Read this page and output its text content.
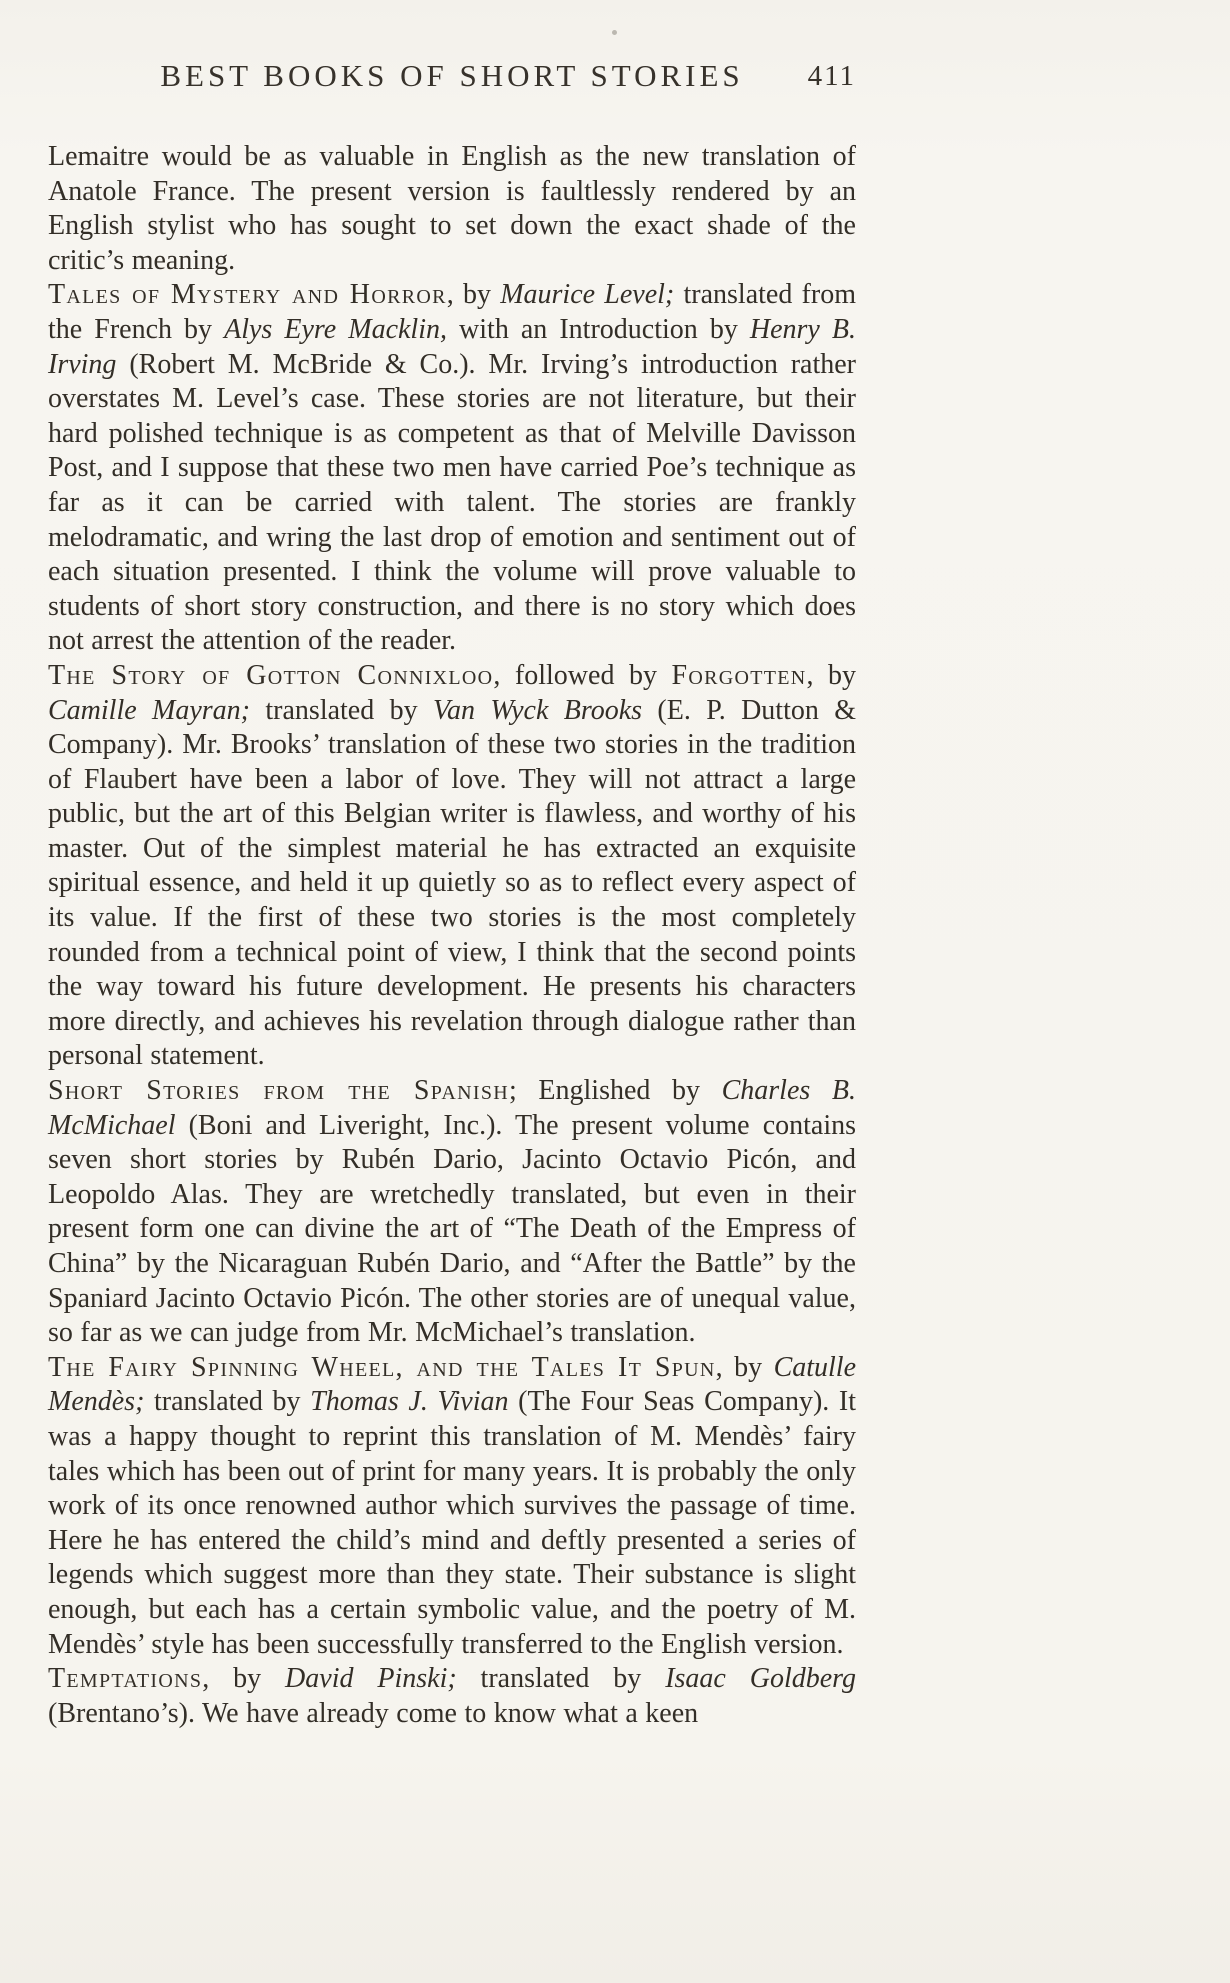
BEST BOOKS OF SHORT STORIES	411

Lemaitre would be as valuable in English as the new translation of Anatole France. The present version is faultlessly rendered by an English stylist who has sought to set down the exact shade of the critic’s meaning.

Tales of Mystery and Horror, by Maurice Level; translated from the French by Alys Eyre Macklin, with an Introduction by Henry B. Irving (Robert M. McBride & Co.). Mr. Irving’s introduction rather overstates M. Level’s case. These stories are not literature, but their hard polished technique is as competent as that of Melville Davisson Post, and I suppose that these two men have carried Poe’s technique as far as it can be carried with talent. The stories are frankly melodramatic, and wring the last drop of emotion and sentiment out of each situation presented. I think the volume will prove valuable to students of short story construction, and there is no story which does not arrest the attention of the reader.

The Story of Gotton Connixloo, followed by Forgotten, by Camille Mayran; translated by Van Wyck Brooks (E. P. Dutton & Company). Mr. Brooks’ translation of these two stories in the tradition of Flaubert have been a labor of love. They will not attract a large public, but the art of this Belgian writer is flawless, and worthy of his master. Out of the simplest material he has extracted an exquisite spiritual essence, and held it up quietly so as to reflect every aspect of its value. If the first of these two stories is the most completely rounded from a technical point of view, I think that the second points the way toward his future development. He presents his characters more directly, and achieves his revelation through dialogue rather than personal statement.

Short Stories from the Spanish; Englished by Charles B. McMichael (Boni and Liveright, Inc.). The present volume contains seven short stories by Rubén Dario, Jacinto Octavio Picón, and Leopoldo Alas. They are wretchedly translated, but even in their present form one can divine the art of “The Death of the Empress of China” by the Nicaraguan Rubén Dario, and “After the Battle” by the Spaniard Jacinto Octavio Picón. The other stories are of unequal value, so far as we can judge from Mr. McMichael’s translation.

The Fairy Spinning Wheel, and the Tales It Spun, by Catulle Mendès; translated by Thomas J. Vivian (The Four Seas Company). It was a happy thought to reprint this translation of M. Mendès’ fairy tales which has been out of print for many years. It is probably the only work of its once renowned author which survives the passage of time. Here he has entered the child’s mind and deftly presented a series of legends which suggest more than they state. Their substance is slight enough, but each has a certain symbolic value, and the poetry of M. Mendès’ style has been successfully transferred to the English version.

Temptations, by David Pinski; translated by Isaac Goldberg (Brentano’s). We have already come to know what a keen
